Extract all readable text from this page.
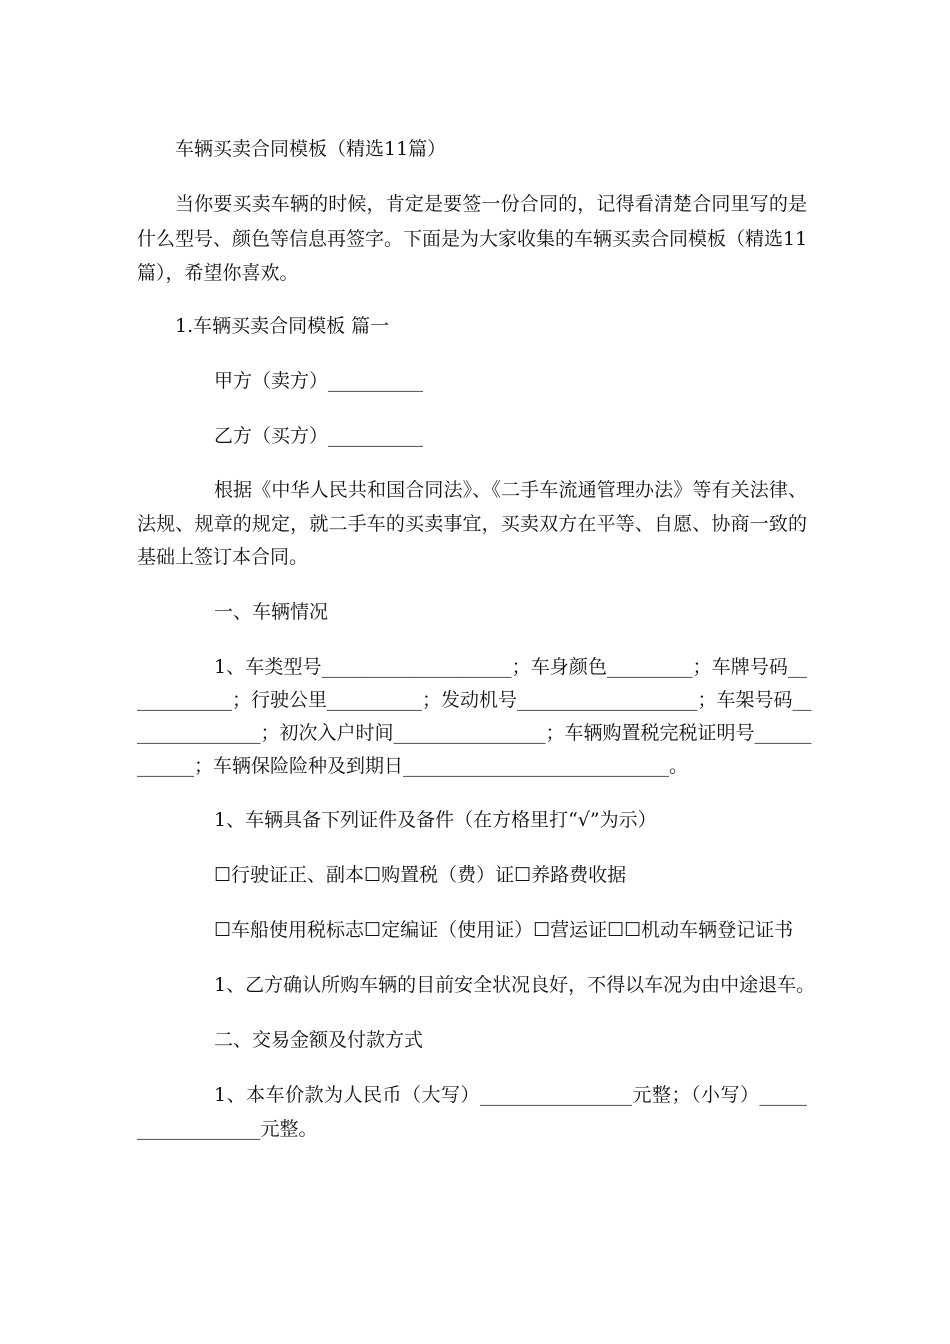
车辆买卖合同模板（精选11篇）
当你要买卖车辆的时候，肯定是要签一份合同的，记得看清楚合同里写的是
什么型号、颜色等信息再签字。下面是为大家收集的车辆买卖合同模板（精选11
篇），希望你喜欢。
1.车辆买卖合同模板 篇一
甲方（卖方）__________
乙方（买方）__________
根据《中华人民共和国合同法》、《二手车流通管理办法》等有关法律、
法规、规章的规定，就二手车的买卖事宜，买卖双方在平等、自愿、协商一致的
基础上签订本合同。
一、车辆情况
1、车类型号____________________；车身颜色_________；车牌号码__
__________；行驶公里__________；发动机号___________________；车架号码__
_____________；初次入户时间________________；车辆购置税完税证明号______
______；车辆保险险种及到期日____________________________。
1、车辆具备下列证件及备件（在方格里打“√”为示）
☐行驶证正、副本☐购置税（费）证☐养路费收据
☐车船使用税标志☐定编证（使用证）☐营运证☐☐机动车辆登记证书
1、乙方确认所购车辆的目前安全状况良好，不得以车况为由中途退车。
二、交易金额及付款方式
1、本车价款为人民币（大写）________________元整；（小写）_____
_____________元整。
